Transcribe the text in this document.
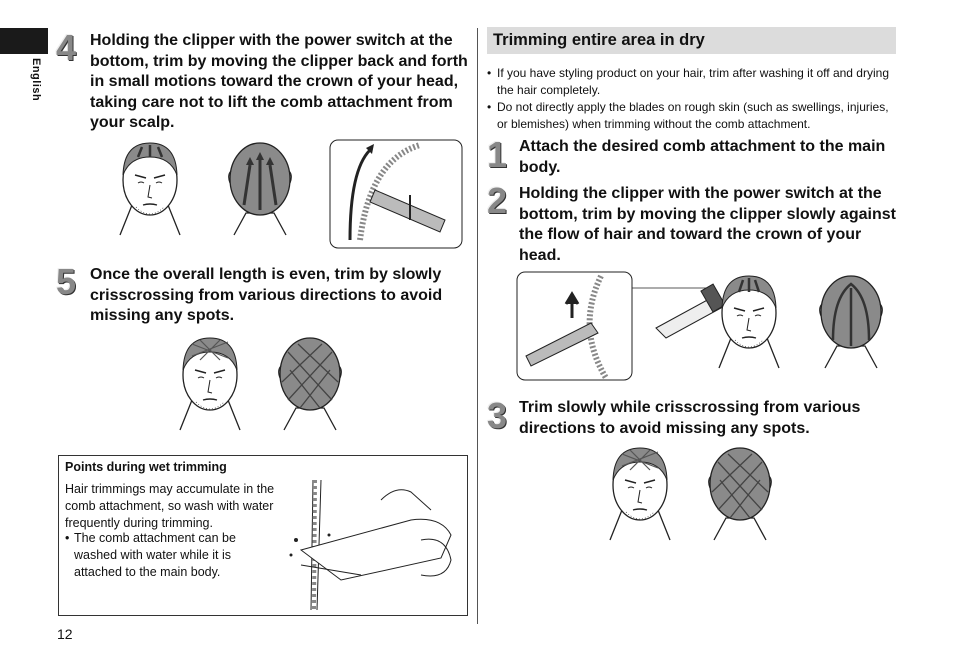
English
4 Holding the clipper with the power switch at the bottom, trim by moving the clipper back and forth in small motions toward the crown of your head, taking care not to lift the comb attachment from your scalp.

5 Once the overall length is even, trim by slowly crisscrossing from various directions to avoid missing any spots.

Points during wet trimming

Hair trimmings may accumulate in the comb attachment, so wash with water frequently during trimming.

• The comb attachment can be washed with water while it is attached to the main body.

12
Trimming entire area in dry
• If you have styling product on your hair, trim after washing it off and drying the hair completely.
• Do not directly apply the blades on rough skin (such as swellings, injuries, or blemishes) when trimming without the comb attachment.
1 Attach the desired comb attachment to the main body.

2 Holding the clipper with the power switch at the bottom, trim by moving the clipper slowly against the flow of hair and toward the crown of your head.

3 Trim slowly while crisscrossing from various directions to avoid missing any spots.
